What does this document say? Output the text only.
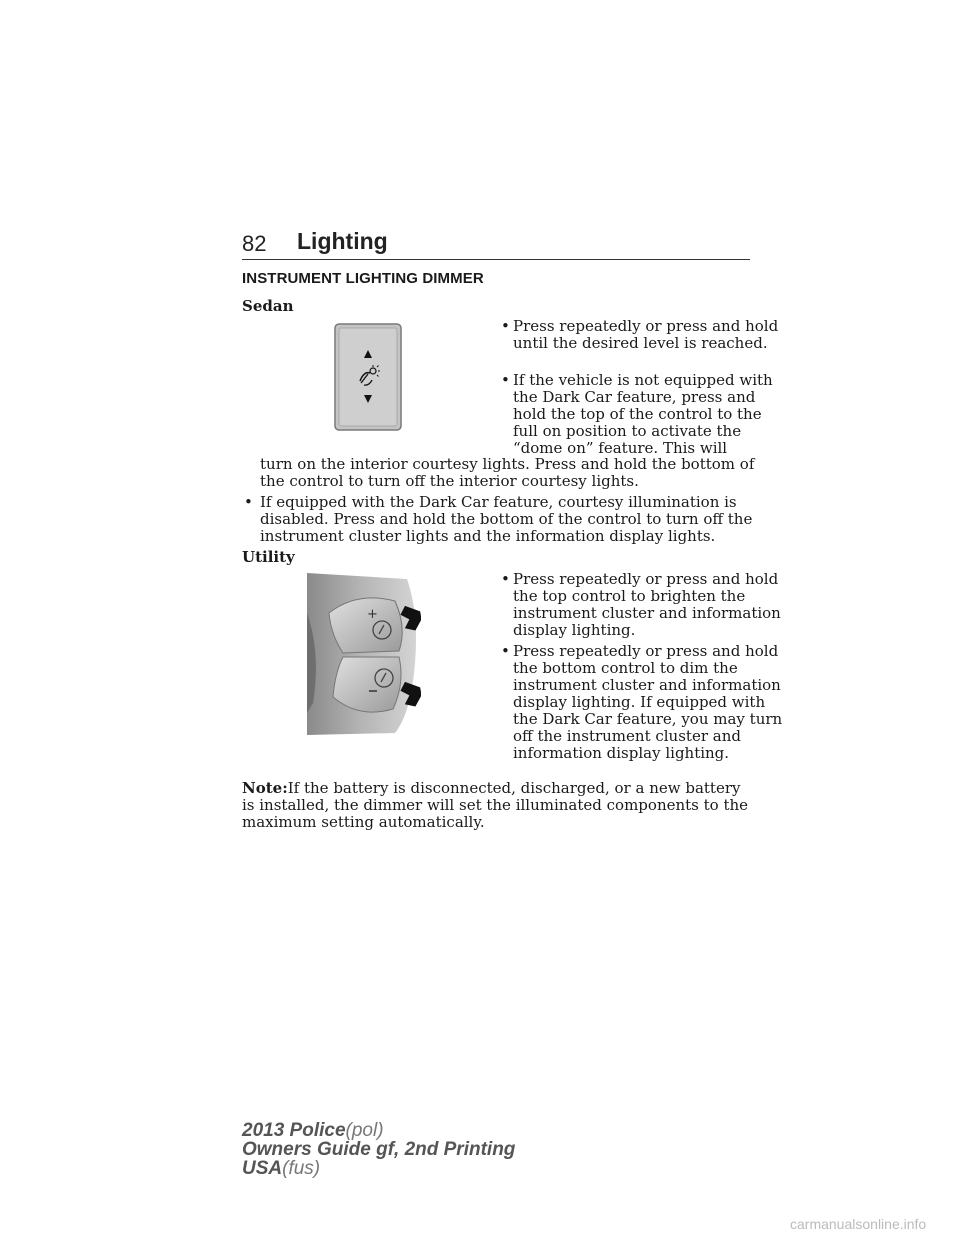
82 Lighting
INSTRUMENT LIGHTING DIMMER
Sedan
• Press repeatedly or press and hold until the desired level is reached.
• If the vehicle is not equipped with the Dark Car feature, press and hold the top of the control to the full on position to activate the “dome on” feature. This will
turn on the interior courtesy lights. Press and hold the bottom of the control to turn off the interior courtesy lights.
• If equipped with the Dark Car feature, courtesy illumination is disabled. Press and hold the bottom of the control to turn off the instrument cluster lights and the information display lights.
Utility
+
• Press repeatedly or press and hold the top control to brighten the instrument cluster and information display lighting.
• Press repeatedly or press and hold the bottom control to dim the instrument cluster and information display lighting. If equipped with the Dark Car feature, you may turn off the instrument cluster and information display lighting.
Note:If the battery is disconnected, discharged, or a new battery is installed, the dimmer will set the illuminated components to the maximum setting automatically.
2013 Police(pol)
Owners Guide gf, 2nd Printing
USA(fus)
carmanualsonline.info
